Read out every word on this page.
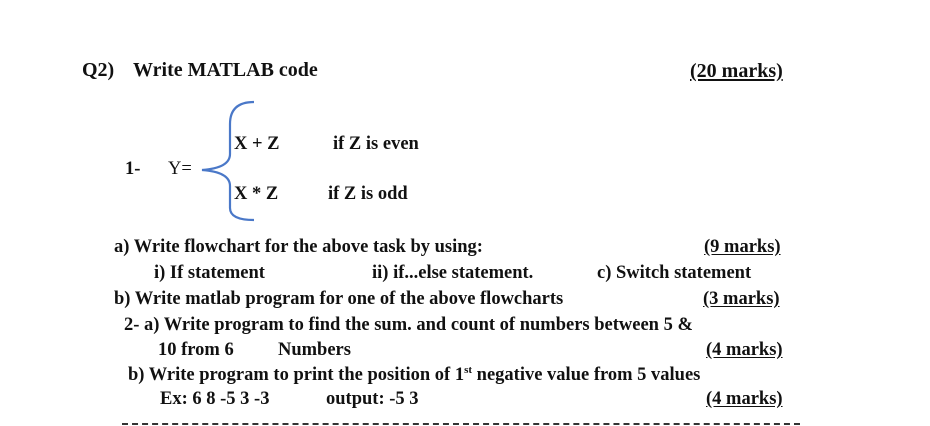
Q2) Write MATLAB code	(20 marks)
1- Y=
X + Z	if Z is even
X * Z	if Z is odd
a) Write flowchart for the above task by using:	(9 marks)
i) If statement	ii) if...else statement.	c) Switch statement
b) Write matlab program for one of the above flowcharts	(3 marks)
2- a) Write program to find the sum. and count of numbers between 5 &
10 from 6 Numbers	(4 marks)
b) Write program to print the position of 1st negative value from 5 values
Ex: 6 8 -5 3 -3	output: -5 3	(4 marks)
